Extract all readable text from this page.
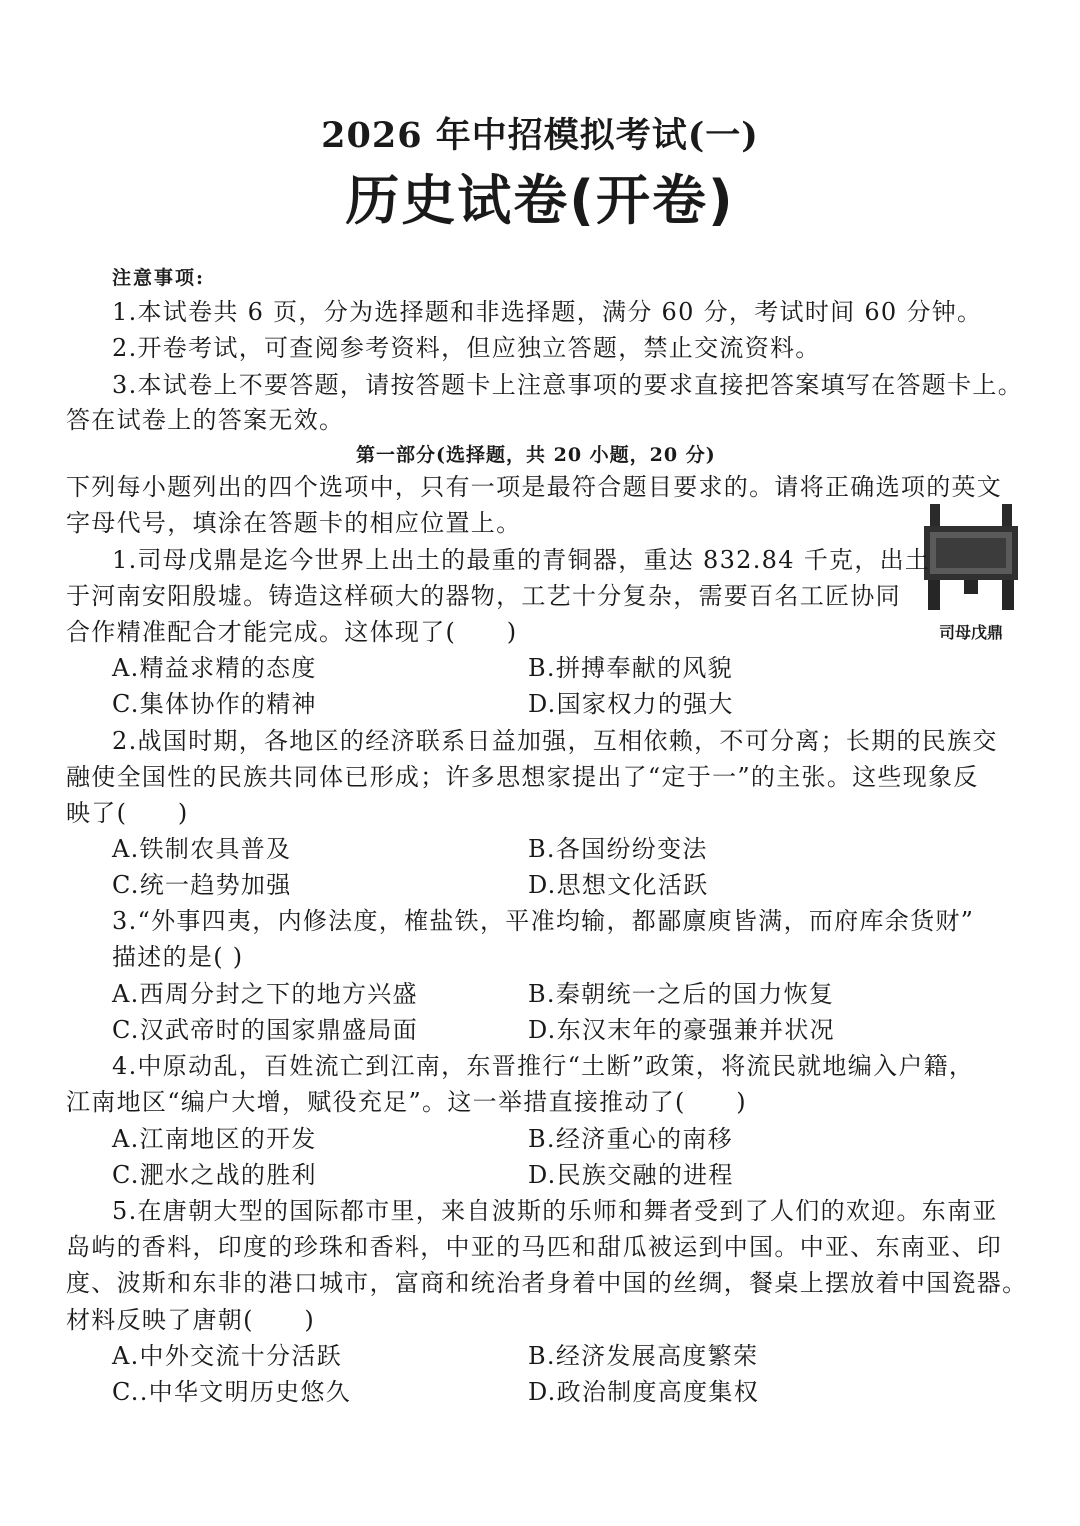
2026 年中招模拟考试(一)
历史试卷(开卷)
注意事项:
1.本试卷共 6 页，分为选择题和非选择题，满分 60 分，考试时间 60 分钟。
2.开卷考试，可查阅参考资料，但应独立答题，禁止交流资料。
3.本试卷上不要答题，请按答题卡上注意事项的要求直接把答案填写在答题卡上。
答在试卷上的答案无效。
第一部分(选择题，共 20 小题，20 分)
下列每小题列出的四个选项中，只有一项是最符合题目要求的。请将正确选项的英文
字母代号，填涂在答题卡的相应位置上。
司母戊鼎
1.司母戊鼎是迄今世界上出土的最重的青铜器，重达 832.84 千克，出土
于河南安阳殷墟。铸造这样硕大的器物，工艺十分复杂，需要百名工匠协同
合作精准配合才能完成。这体现了(　　)
A.精益求精的态度	B.拼搏奉献的风貌
C.集体协作的精神	D.国家权力的强大
2.战国时期，各地区的经济联系日益加强，互相依赖，不可分离；长期的民族交
融使全国性的民族共同体已形成；许多思想家提出了“定于一”的主张。这些现象反
映了(　　)
A.铁制农具普及	B.各国纷纷变法
C.统一趋势加强	D.思想文化活跃
3.“外事四夷，内修法度，榷盐铁，平准均输，都鄙廪庾皆满，而府库余货财”
描述的是( )
A.西周分封之下的地方兴盛	B.秦朝统一之后的国力恢复
C.汉武帝时的国家鼎盛局面	D.东汉末年的豪强兼并状况
4.中原动乱，百姓流亡到江南，东晋推行“土断”政策，将流民就地编入户籍，
江南地区“编户大增，赋役充足”。这一举措直接推动了(　　)
A.江南地区的开发	B.经济重心的南移
C.淝水之战的胜利	D.民族交融的进程
5.在唐朝大型的国际都市里，来自波斯的乐师和舞者受到了人们的欢迎。东南亚
岛屿的香料，印度的珍珠和香料，中亚的马匹和甜瓜被运到中国。中亚、东南亚、印
度、波斯和东非的港口城市，富商和统治者身着中国的丝绸，餐桌上摆放着中国瓷器。
材料反映了唐朝(　　)
A.中外交流十分活跃	B.经济发展高度繁荣
C..中华文明历史悠久	D.政治制度高度集权
